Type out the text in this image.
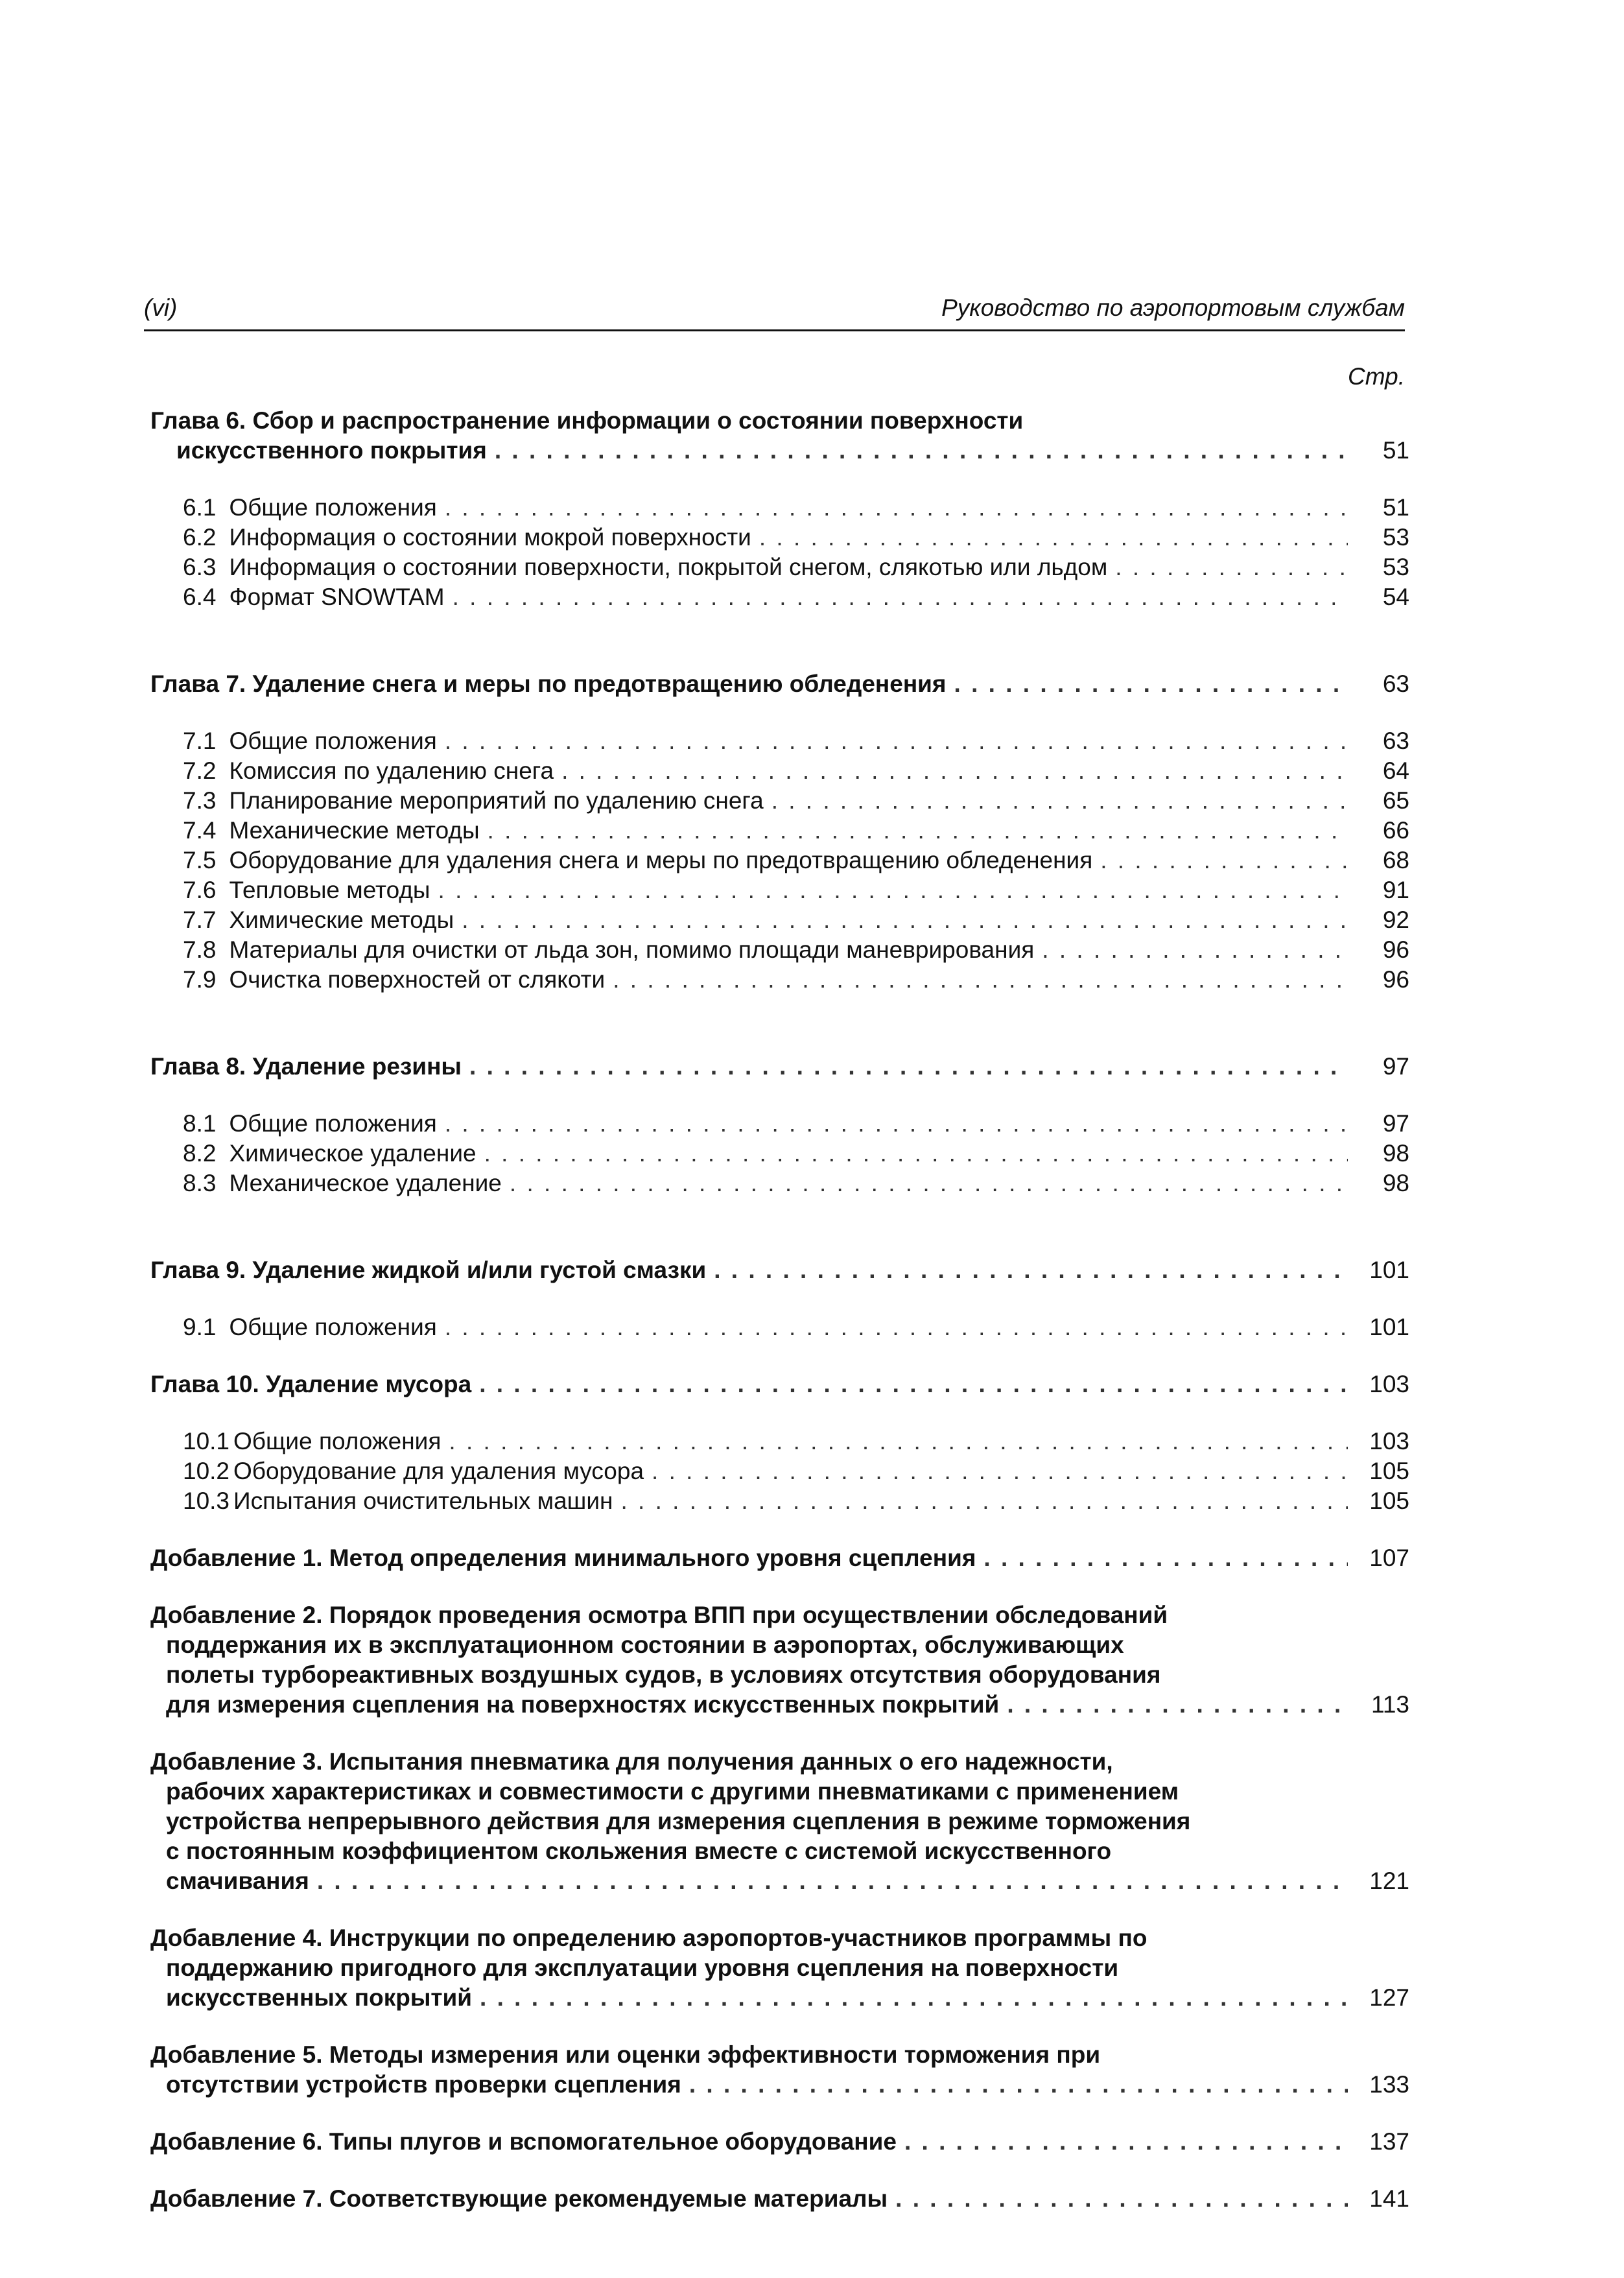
(vi)	Руководство по аэропортовым службам
Стр.
Глава 6. Сбор и распространение информации о состоянии поверхности
искусственного покрытия . . .	51
6.1 Общие положения . . .	51
6.2 Информация о состоянии мокрой поверхности . . .	53
6.3 Информация о состоянии поверхности, покрытой снегом, слякотью или льдом . . .	53
6.4 Формат SNOWTAM . . .	54
Глава 7. Удаление снега и меры по предотвращению обледенения . . .	63
7.1 Общие положения . . .	63
7.2 Комиссия по удалению снега . . .	64
7.3 Планирование мероприятий по удалению снега . . .	65
7.4 Механические методы . . .	66
7.5 Оборудование для удаления снега и меры по предотвращению обледенения . . .	68
7.6 Тепловые методы . . .	91
7.7 Химические методы . . .	92
7.8 Материалы для очистки от льда зон, помимо площади маневрирования . . .	96
7.9 Очистка поверхностей от слякоти . . .	96
Глава 8. Удаление резины . . .	97
8.1 Общие положения . . .	97
8.2 Химическое удаление . . .	98
8.3 Механическое удаление . . .	98
Глава 9. Удаление жидкой и/или густой смазки . . .	101
9.1 Общие положения . . .	101
Глава 10. Удаление мусора . . .	103
10.1 Общие положения . . .	103
10.2 Оборудование для удаления мусора . . .	105
10.3 Испытания очистительных машин . . .	105
Добавление 1. Метод определения минимального уровня сцепления . . .	107
Добавление 2. Порядок проведения осмотра ВПП при осуществлении обследований
поддержания их в эксплуатационном состоянии в аэропортах, обслуживающих
полеты турбореактивных воздушных судов, в условиях отсутствия оборудования
для измерения сцепления на поверхностях искусственных покрытий . . .	113
Добавление 3. Испытания пневматика для получения данных о его надежности,
рабочих характеристиках и совместимости с другими пневматиками с применением
устройства непрерывного действия для измерения сцепления в режиме торможения
с постоянным коэффициентом скольжения вместе с системой искусственного
смачивания . . .	121
Добавление 4. Инструкции по определению аэропортов-участников программы по
поддержанию пригодного для эксплуатации уровня сцепления на поверхности
искусственных покрытий . . .	127
Добавление 5. Методы измерения или оценки эффективности торможения при
отсутствии устройств проверки сцепления . . .	133
Добавление 6. Типы плугов и вспомогательное оборудование . . .	137
Добавление 7. Соответствующие рекомендуемые материалы . . .	141
